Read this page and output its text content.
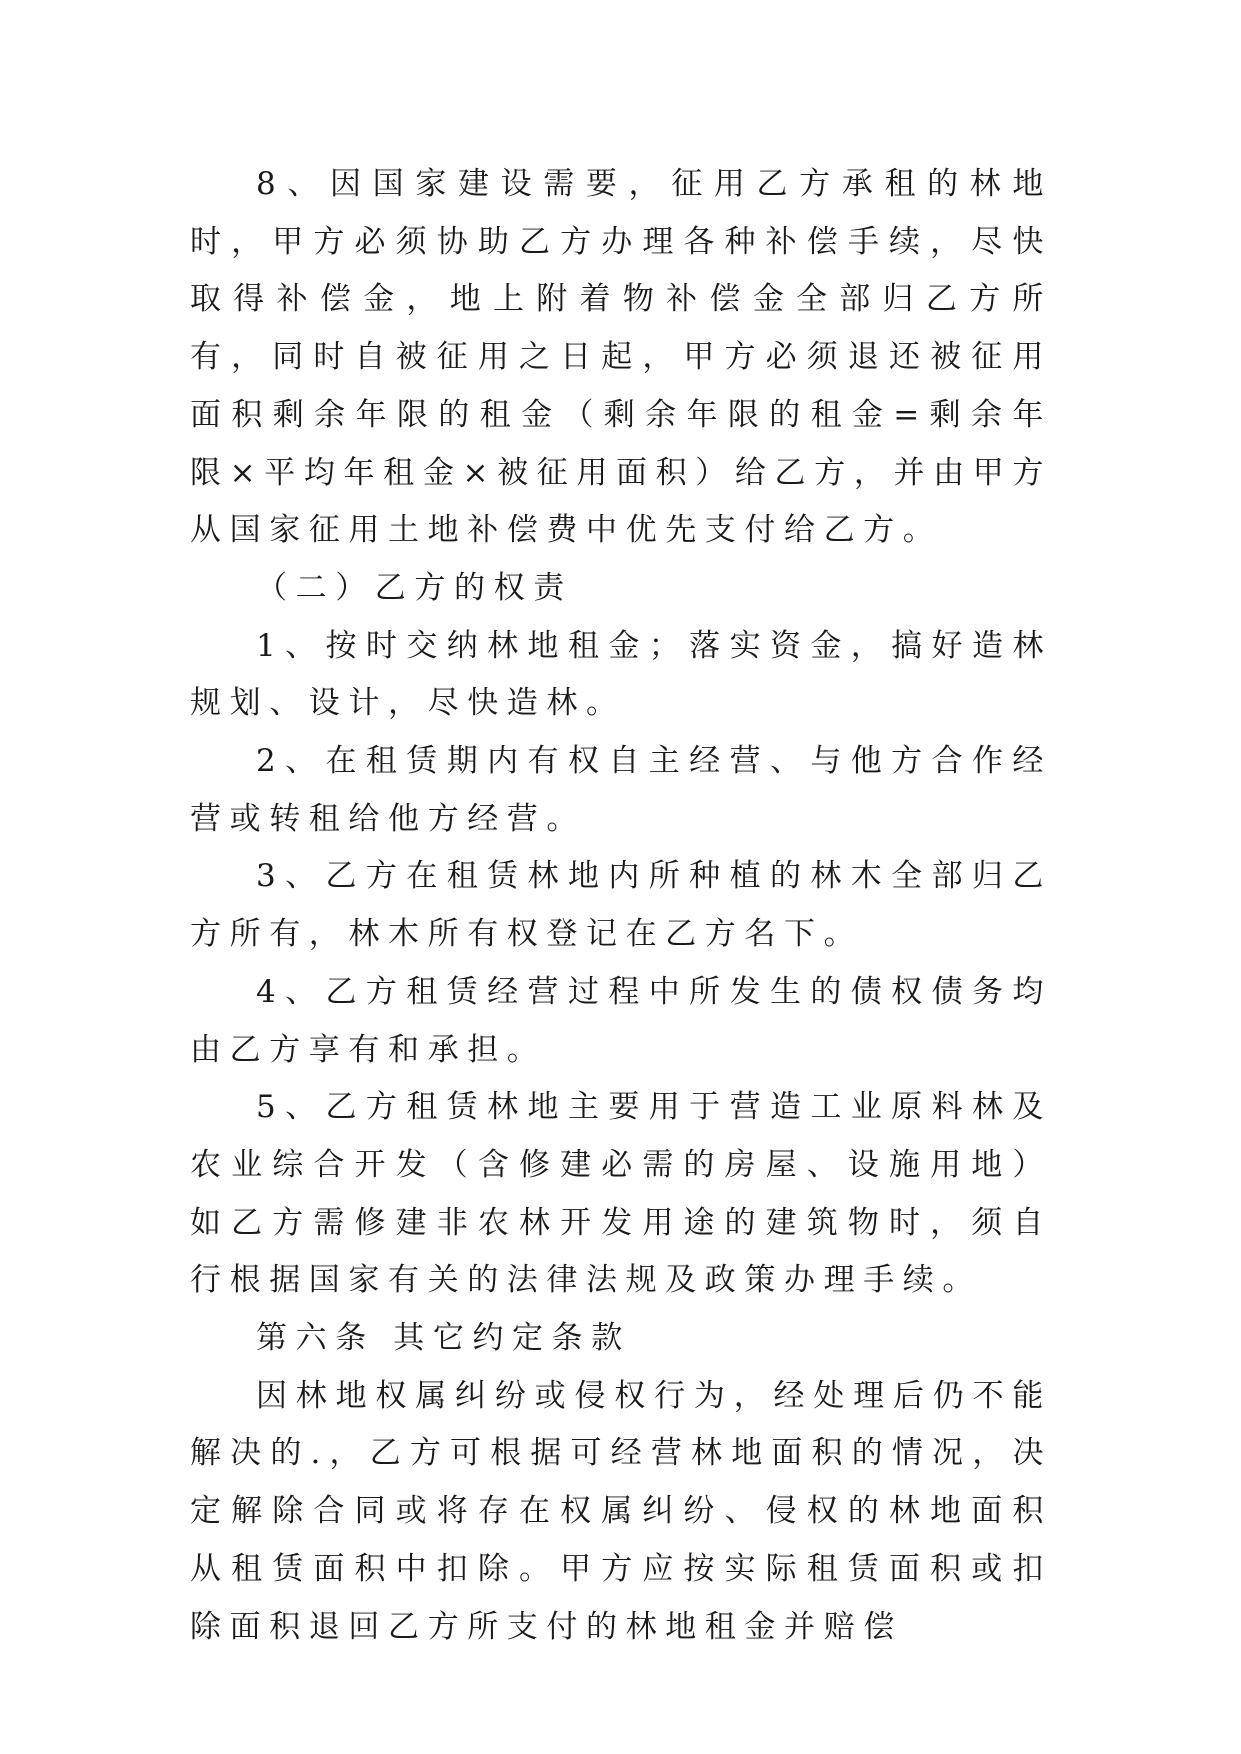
8、因国家建设需要，征用乙方承租的林地时，甲方必须协助乙方办理各种补偿手续，尽快取得补偿金，地上附着物补偿金全部归乙方所有，同时自被征用之日起，甲方必须退还被征用面积剩余年限的租金（剩余年限的租金=剩余年限×平均年租金×被征用面积）给乙方，并由甲方从国家征用土地补偿费中优先支付给乙方。

（二）乙方的权责

1、按时交纳林地租金；落实资金，搞好造林规划、设计，尽快造林。

2、在租赁期内有权自主经营、与他方合作经营或转租给他方经营。

3、乙方在租赁林地内所种植的林木全部归乙方所有，林木所有权登记在乙方名下。

4、乙方租赁经营过程中所发生的债权债务均由乙方享有和承担。

5、乙方租赁林地主要用于营造工业原料林及农业综合开发（含修建必需的房屋、设施用地）如乙方需修建非农林开发用途的建筑物时，须自行根据国家有关的法律法规及政策办理手续。

第六条 其它约定条款

因林地权属纠纷或侵权行为，经处理后仍不能解决的.，乙方可根据可经营林地面积的情况，决定解除合同或将存在权属纠纷、侵权的林地面积从租赁面积中扣除。甲方应按实际租赁面积或扣除面积退回乙方所支付的林地租金并赔偿
